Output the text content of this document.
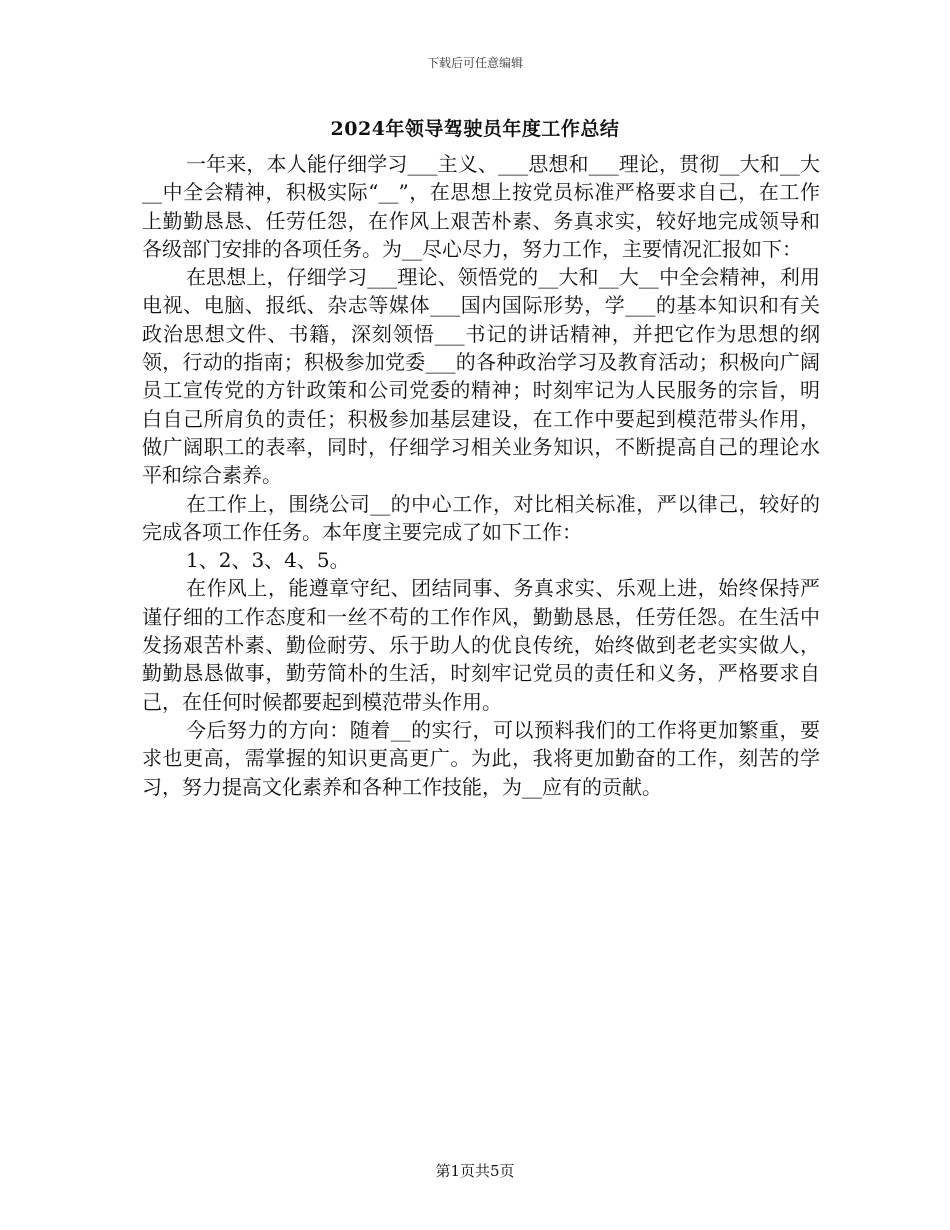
下载后可任意编辑
2024年领导驾驶员年度工作总结

一年来，本人能仔细学习___主义、___思想和___理论，贯彻__大和__大__中全会精神，积极实际“__”，在思想上按党员标准严格要求自己，在工作上勤勤恳恳、任劳任怨，在作风上艰苦朴素、务真求实，较好地完成领导和各级部门安排的各项任务。为__尽心尽力，努力工作，主要情况汇报如下：

在思想上，仔细学习___理论、领悟党的__大和__大__中全会精神，利用电视、电脑、报纸、杂志等媒体___国内国际形势，学___的基本知识和有关政治思想文件、书籍，深刻领悟___书记的讲话精神，并把它作为思想的纲领，行动的指南；积极参加党委___的各种政治学习及教育活动；积极向广阔员工宣传党的方针政策和公司党委的精神；时刻牢记为人民服务的宗旨，明白自己所肩负的责任；积极参加基层建设，在工作中要起到模范带头作用，做广阔职工的表率，同时，仔细学习相关业务知识，不断提高自己的理论水平和综合素养。

在工作上，围绕公司__的中心工作，对比相关标准，严以律己，较好的完成各项工作任务。本年度主要完成了如下工作：

1、2、3、4、5。

在作风上，能遵章守纪、团结同事、务真求实、乐观上进，始终保持严谨仔细的工作态度和一丝不苟的工作作风，勤勤恳恳，任劳任怨。在生活中发扬艰苦朴素、勤俭耐劳、乐于助人的优良传统，始终做到老老实实做人，勤勤恳恳做事，勤劳简朴的生活，时刻牢记党员的责任和义务，严格要求自己，在任何时候都要起到模范带头作用。

今后努力的方向：随着__的实行，可以预料我们的工作将更加繁重，要求也更高，需掌握的知识更高更广。为此，我将更加勤奋的工作，刻苦的学习，努力提高文化素养和各种工作技能，为__应有的贡献。

第1页共5页
